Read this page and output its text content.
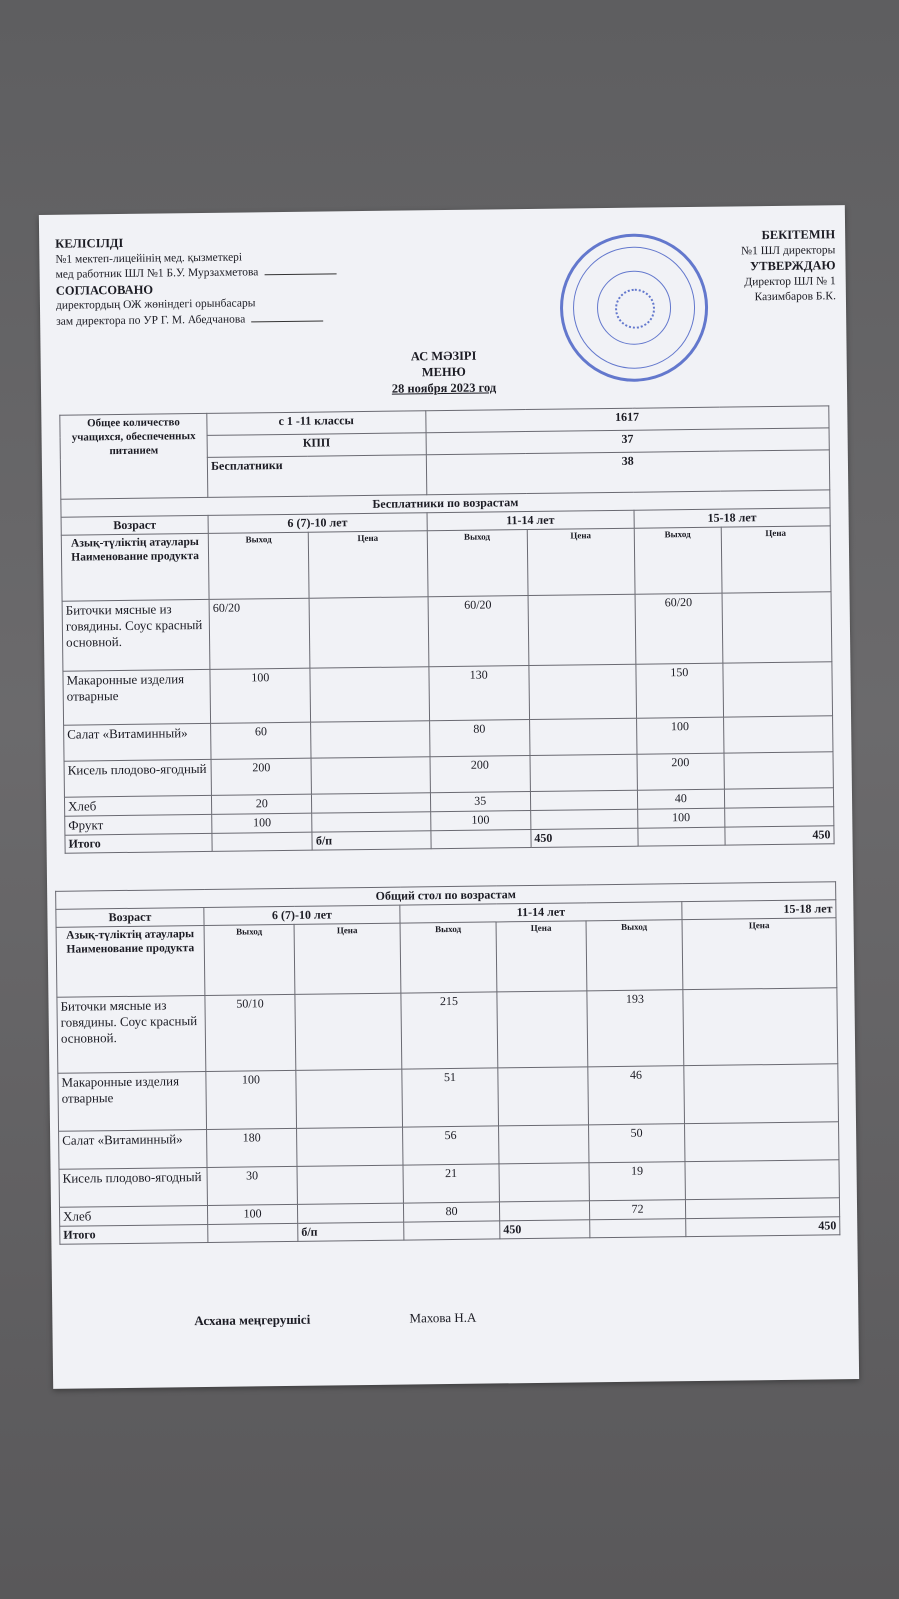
КЕЛІСІЛДІ
№1 мектеп-лицейінің мед. қызметкері
мед работник ШЛ №1 Б.У. Мурзахметова
СОГЛАСОВАНО
директордың ОЖ жөніндегі орынбасары
зам директора по УР Г. М. Абедчанова
БЕКІТЕМІН
№1 ШЛ директоры
УТВЕРЖДАЮ
Директор ШЛ № 1
Казимбаров Б.К.
АС МӘЗІРІ
МЕНЮ
28 ноября 2023 год
Общее количество учащихся, обеспеченных питанием	с 1 -11 классы		1617			
	КПП		37			
	Бесплатники		38			
Бесплатники по возрастам						
Возраст	6 (7)-10 лет		11-14 лет		15-18 лет	
Азық-түліктің атаулары Наименование продукта	Выход	Цена	Выход	Цена	Выход	Цена
Биточки мясные из говядины. Соус красный основной.	60/20		60/20		60/20	
Макаронные изделия отварные	100		130		150	
Салат «Витаминный»	60		80		100	
Кисель плодово-ягодный	200		200		200	
Хлеб	20		35		40	
Фрукт	100		100		100	
Итого		б/п		450		450
Общий стол по возрастам						
Возраст	6 (7)-10 лет		11-14 лет			15-18 лет
Азық-түліктің атаулары Наименование продукта	Выход	Цена	Выход	Цена	Выход	Цена
Биточки мясные из говядины. Соус красный основной.	50/10		215		193	
Макаронные изделия отварные	100		51		46	
Салат «Витаминный»	180		56		50	
Кисель плодово-ягодный	30		21		19	
Хлеб	100		80		72	
Итого		б/п		450		450
Асхана меңгерушісі	Махова Н.А
